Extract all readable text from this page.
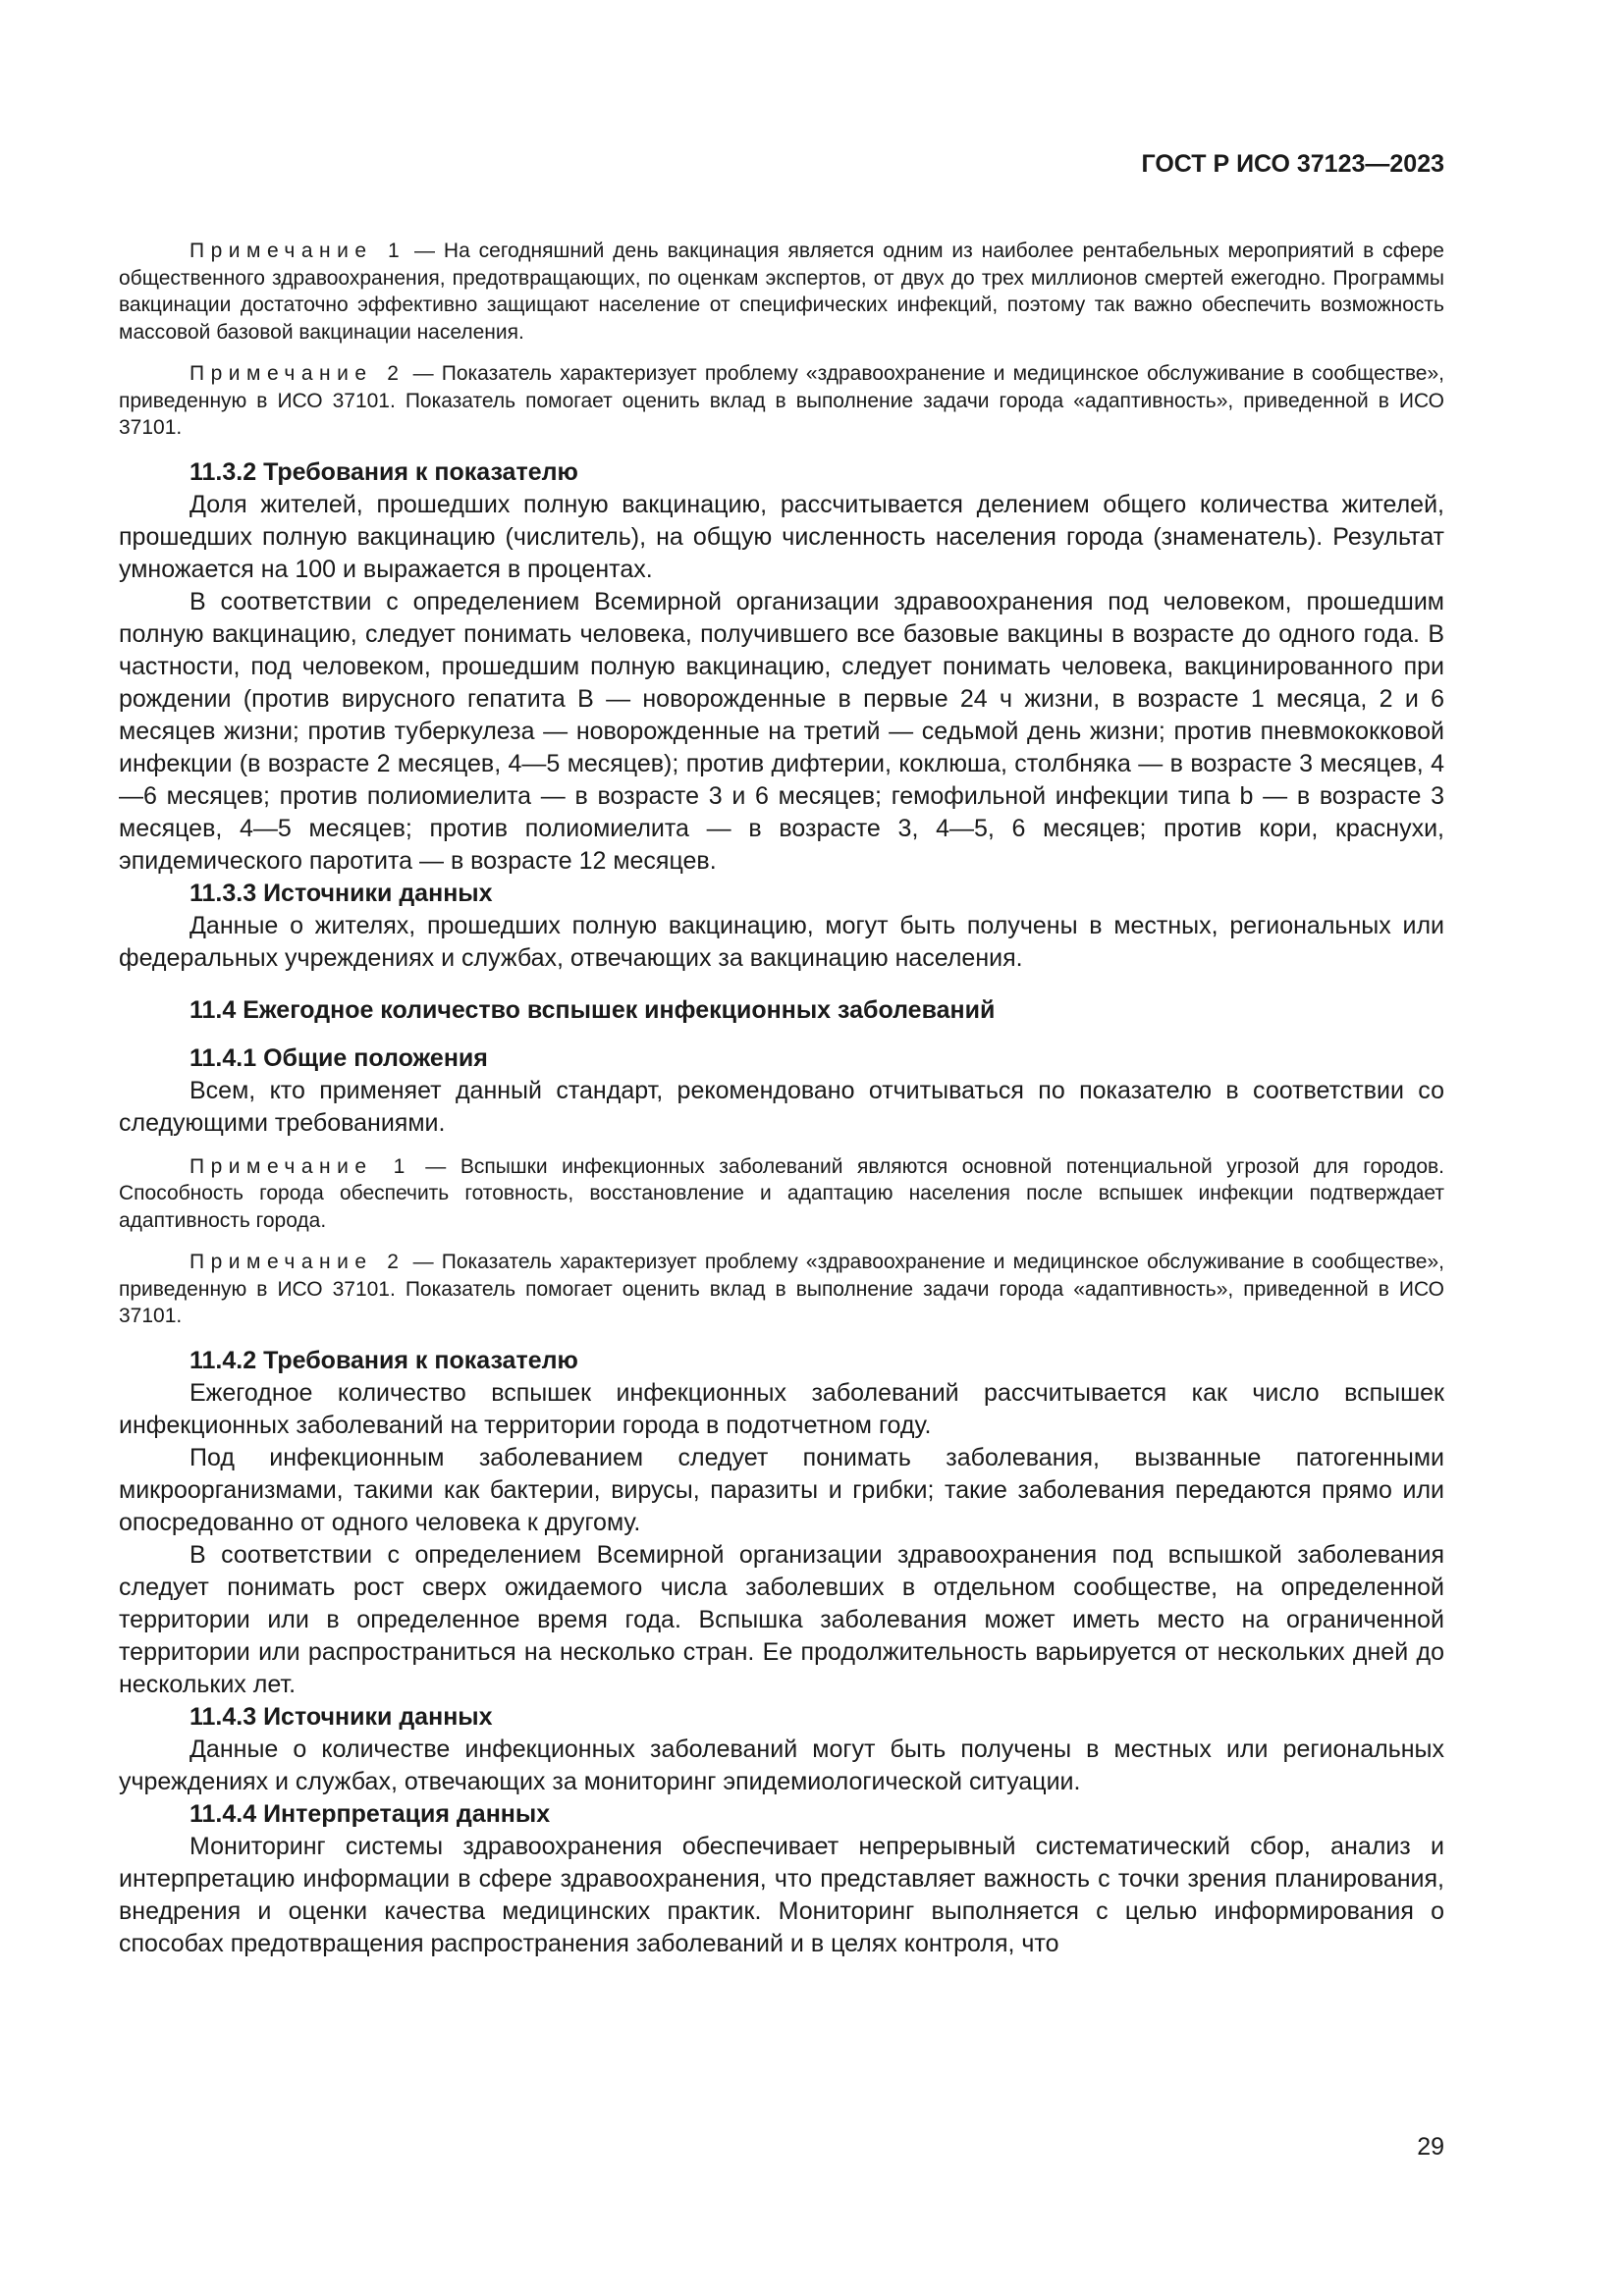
ГОСТ Р ИСО 37123—2023

Примечание 1 — На сегодняшний день вакцинация является одним из наиболее рентабельных мероприятий в сфере общественного здравоохранения, предотвращающих, по оценкам экспертов, от двух до трех миллионов смертей ежегодно. Программы вакцинации достаточно эффективно защищают население от специфических инфекций, поэтому так важно обеспечить возможность массовой базовой вакцинации населения.

Примечание 2 — Показатель характеризует проблему «здравоохранение и медицинское обслуживание в сообществе», приведенную в ИСО 37101. Показатель помогает оценить вклад в выполнение задачи города «адаптивность», приведенной в ИСО 37101.

11.3.2 Требования к показателю

Доля жителей, прошедших полную вакцинацию, рассчитывается делением общего количества жителей, прошедших полную вакцинацию (числитель), на общую численность населения города (знаменатель). Результат умножается на 100 и выражается в процентах.

В соответствии с определением Всемирной организации здравоохранения под человеком, прошедшим полную вакцинацию, следует понимать человека, получившего все базовые вакцины в возрасте до одного года. В частности, под человеком, прошедшим полную вакцинацию, следует понимать человека, вакцинированного при рождении (против вирусного гепатита В — новорожденные в первые 24 ч жизни, в возрасте 1 месяца, 2 и 6 месяцев жизни; против туберкулеза — новорожденные на третий — седьмой день жизни; против пневмококковой инфекции (в возрасте 2 месяцев, 4—5 месяцев); против дифтерии, коклюша, столбняка — в возрасте 3 месяцев, 4—6 месяцев; против полиомиелита — в возрасте 3 и 6 месяцев; гемофильной инфекции типа b — в возрасте 3 месяцев, 4—5 месяцев; против полиомиелита — в возрасте 3, 4—5, 6 месяцев; против кори, краснухи, эпидемического паротита — в возрасте 12 месяцев.

11.3.3 Источники данных

Данные о жителях, прошедших полную вакцинацию, могут быть получены в местных, региональных или федеральных учреждениях и службах, отвечающих за вакцинацию населения.

11.4 Ежегодное количество вспышек инфекционных заболеваний
11.4.1 Общие положения

Всем, кто применяет данный стандарт, рекомендовано отчитываться по показателю в соответствии со следующими требованиями.

Примечание 1 — Вспышки инфекционных заболеваний являются основной потенциальной угрозой для городов. Способность города обеспечить готовность, восстановление и адаптацию населения после вспышек инфекции подтверждает адаптивность города.

Примечание 2 — Показатель характеризует проблему «здравоохранение и медицинское обслуживание в сообществе», приведенную в ИСО 37101. Показатель помогает оценить вклад в выполнение задачи города «адаптивность», приведенной в ИСО 37101.

11.4.2 Требования к показателю

Ежегодное количество вспышек инфекционных заболеваний рассчитывается как число вспышек инфекционных заболеваний на территории города в подотчетном году.

Под инфекционным заболеванием следует понимать заболевания, вызванные патогенными микроорганизмами, такими как бактерии, вирусы, паразиты и грибки; такие заболевания передаются прямо или опосредованно от одного человека к другому.

В соответствии с определением Всемирной организации здравоохранения под вспышкой заболевания следует понимать рост сверх ожидаемого числа заболевших в отдельном сообществе, на определенной территории или в определенное время года. Вспышка заболевания может иметь место на ограниченной территории или распространиться на несколько стран. Ее продолжительность варьируется от нескольких дней до нескольких лет.

11.4.3 Источники данных

Данные о количестве инфекционных заболеваний могут быть получены в местных или региональных учреждениях и службах, отвечающих за мониторинг эпидемиологической ситуации.

11.4.4 Интерпретация данных

Мониторинг системы здравоохранения обеспечивает непрерывный систематический сбор, анализ и интерпретацию информации в сфере здравоохранения, что представляет важность с точки зрения планирования, внедрения и оценки качества медицинских практик. Мониторинг выполняется с целью информирования о способах предотвращения распространения заболеваний и в целях контроля, что

29
